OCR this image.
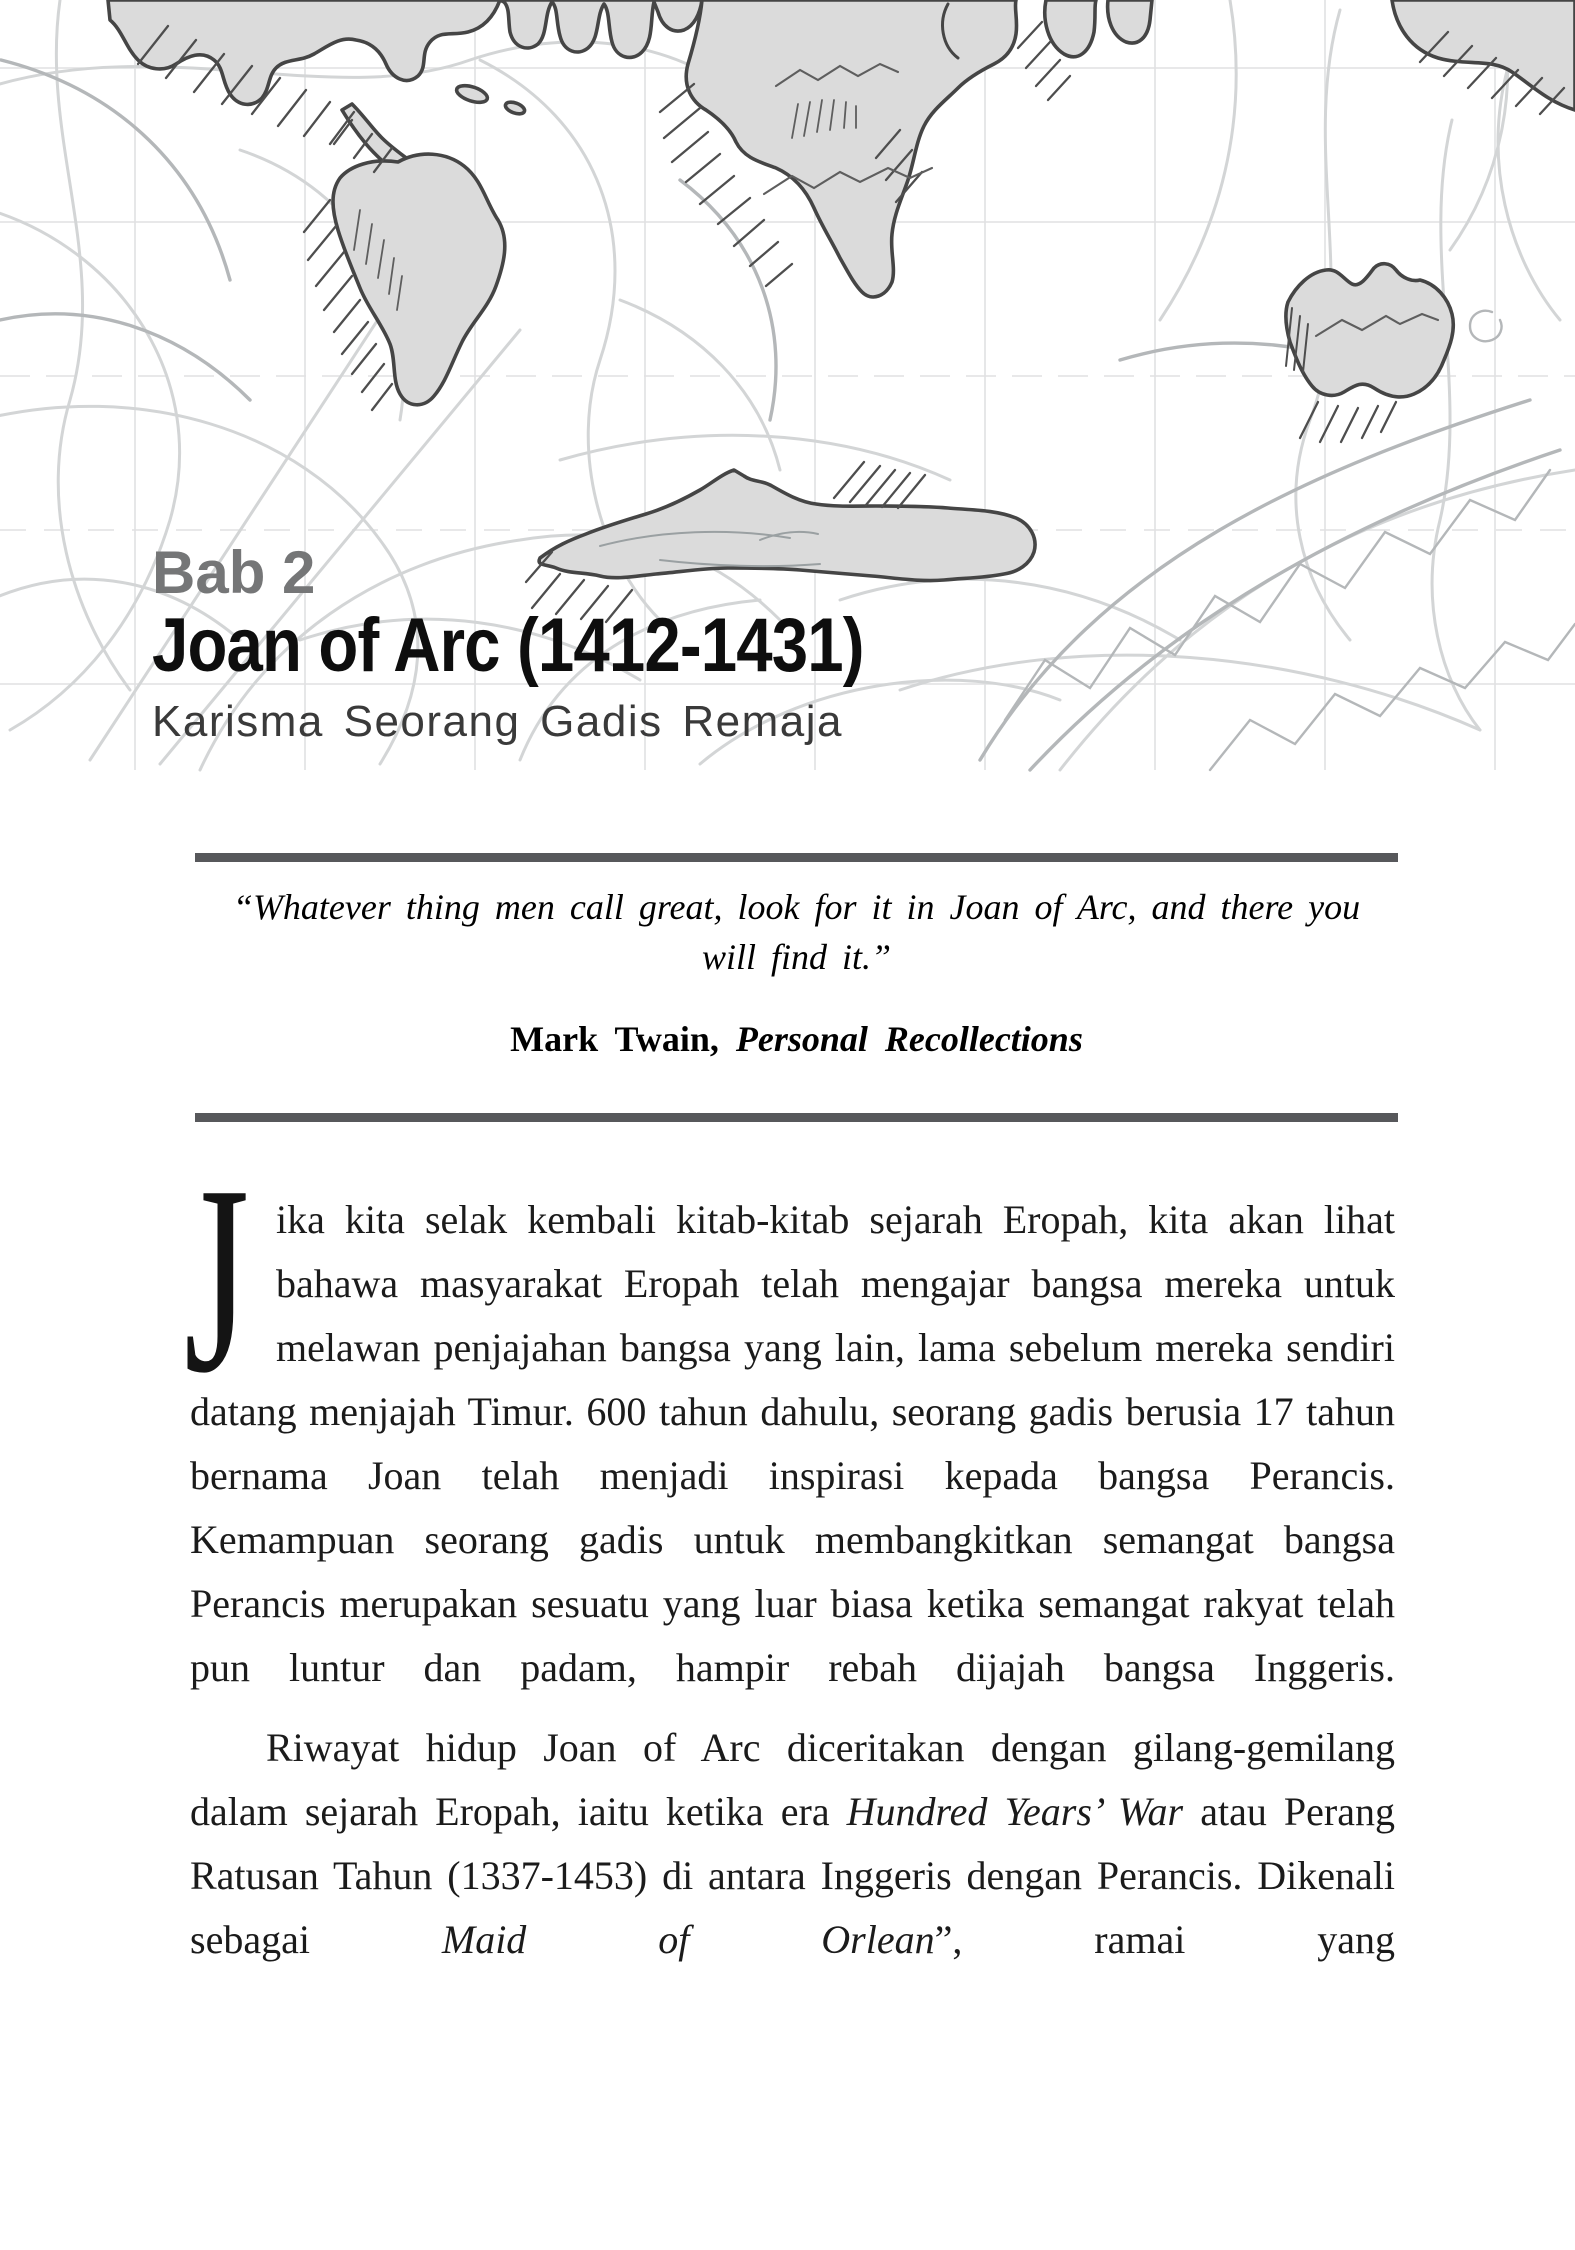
Bab 2
Joan of Arc (1412-1431)
Karisma Seorang Gadis Remaja
“Whatever thing men call great, look for it in Joan of Arc, and there you
will find it.”
Mark Twain, Personal Recollections
J ika kita selak kembali kitab-kitab sejarah Eropah, kita akan lihat bahawa masyarakat Eropah telah mengajar bangsa mereka untuk melawan penjajahan bangsa yang lain, lama sebelum mereka sendiri datang menjajah Timur. 600 tahun dahulu, seorang gadis berusia 17 tahun bernama Joan telah menjadi inspirasi kepada bangsa Perancis. Kemampuan seorang gadis untuk membangkitkan semangat bangsa Perancis merupakan sesuatu yang luar biasa ketika semangat rakyat telah pun luntur dan padam, hampir rebah dijajah bangsa Inggeris.

Riwayat hidup Joan of Arc diceritakan dengan gilang-gemilang dalam sejarah Eropah, iaitu ketika era Hundred Years’ War atau Perang Ratusan Tahun (1337-1453) di antara Inggeris dengan Perancis. Dikenali sebagai Maid of Orlean”, ramai yang
